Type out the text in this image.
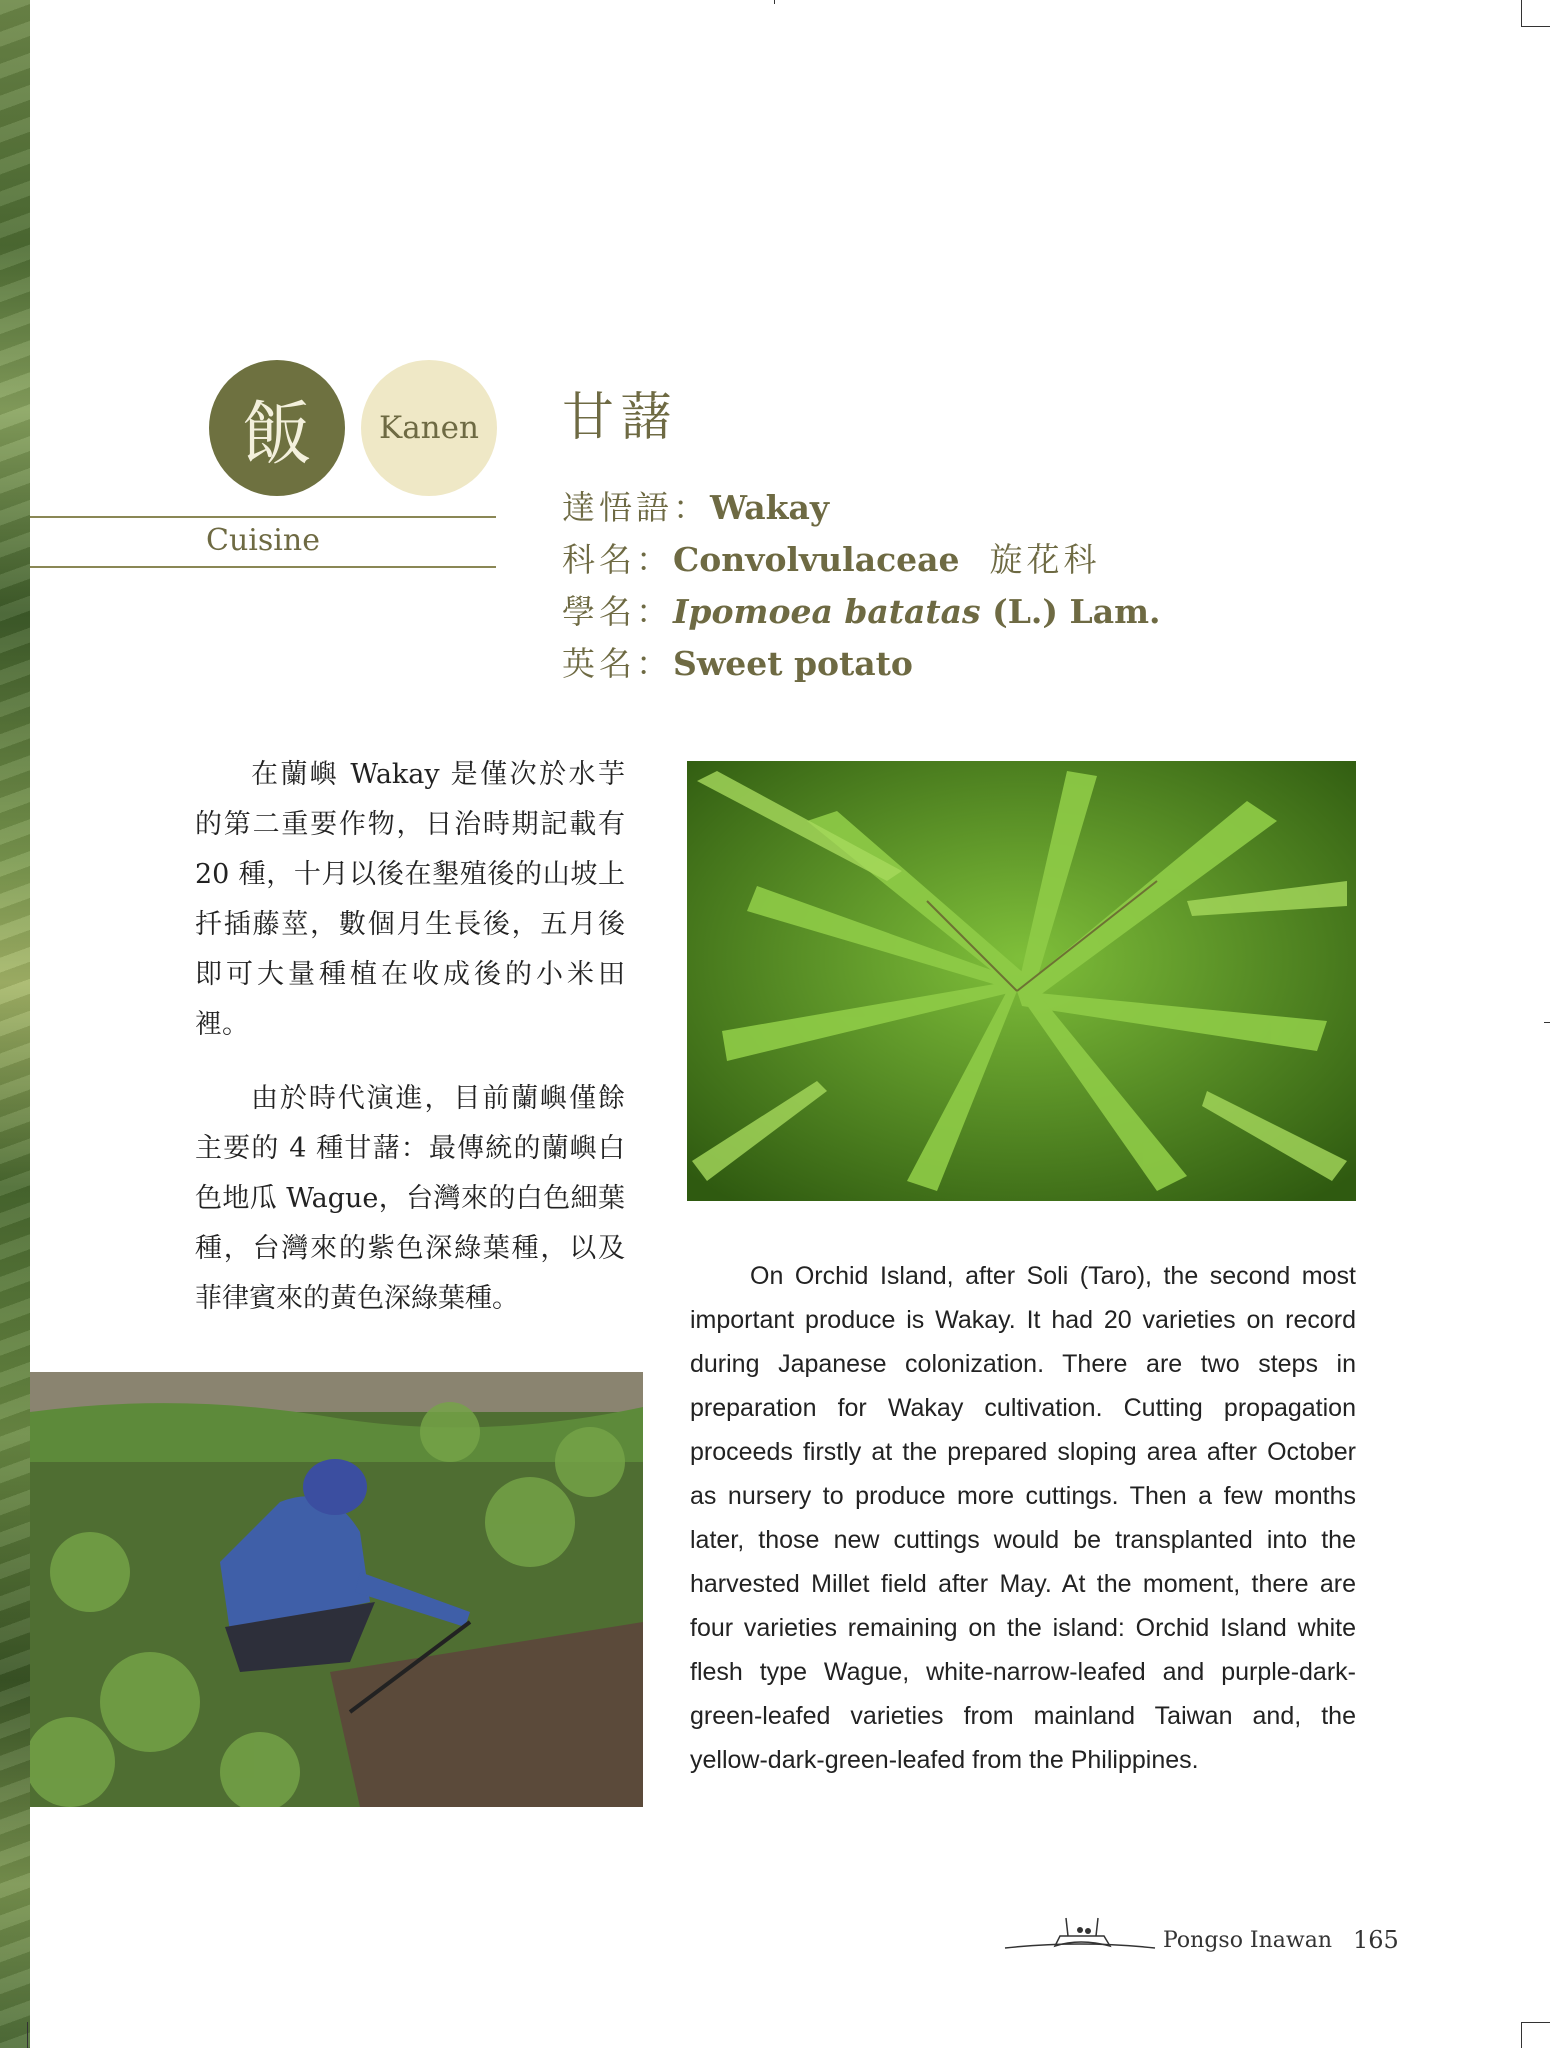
飯 Kanen
Cuisine
甘藷
達悟語：Wakay
科名：Convolvulaceae 旋花科
學名：Ipomoea batatas (L.) Lam.
英名：Sweet potato

在蘭嶼 Wakay 是僅次於水芋的第二重要作物，日治時期記載有 20 種，十月以後在墾殖後的山坡上扦插藤莖，數個月生長後，五月後即可大量種植在收成後的小米田裡。

由於時代演進，目前蘭嶼僅餘主要的 4 種甘藷：最傳統的蘭嶼白色地瓜 Wague，台灣來的白色細葉種，台灣來的紫色深綠葉種，以及菲律賓來的黃色深綠葉種。

On Orchid Island, after Soli (Taro), the second most important produce is Wakay. It had 20 varieties on record during Japanese colonization. There are two steps in preparation for Wakay cultivation. Cutting propagation proceeds firstly at the prepared sloping area after October as nursery to produce more cuttings. Then a few months later, those new cuttings would be transplanted into the harvested Millet field after May. At the moment, there are four varieties remaining on the island: Orchid Island white flesh type Wague, white-narrow-leafed and purple-dark-green-leafed varieties from mainland Taiwan and, the yellow-dark-green-leafed from the Philippines.

Pongso Inawan 165
